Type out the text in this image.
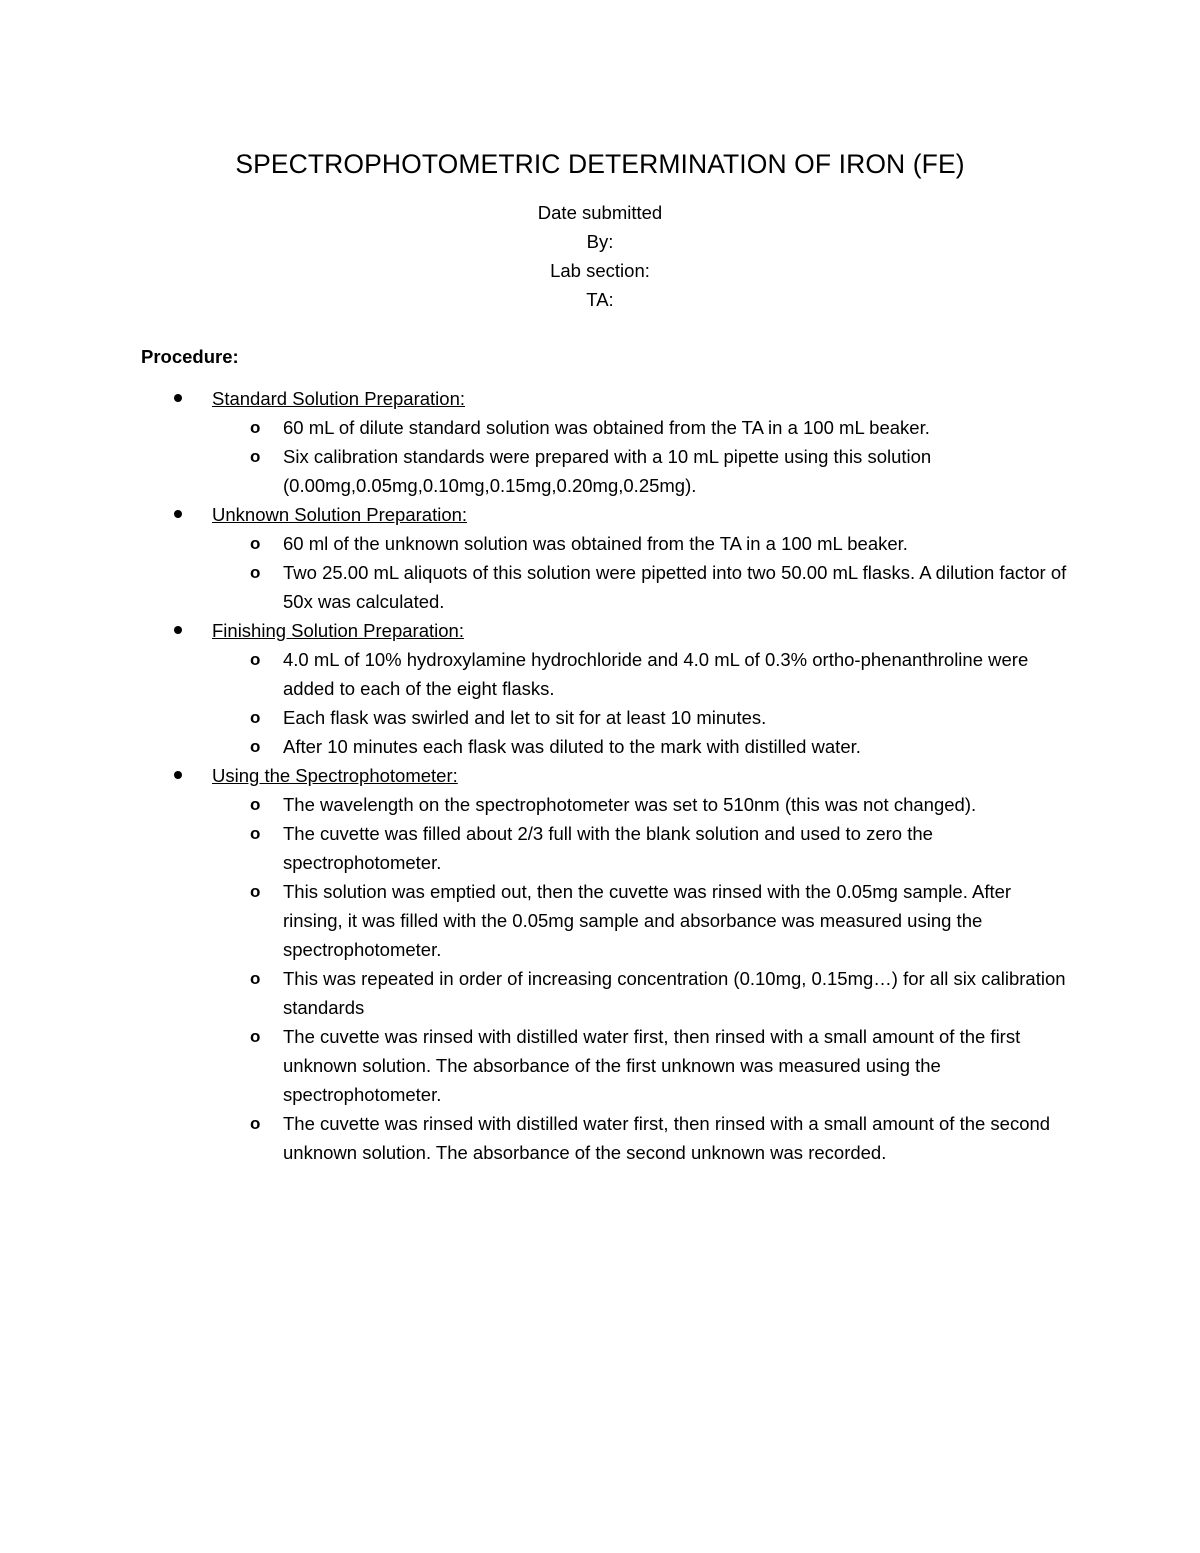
SPECTROPHOTOMETRIC DETERMINATION OF IRON (FE)
Date submitted
By:
Lab section:
TA:
Procedure:
Standard Solution Preparation:
o 60 mL of dilute standard solution was obtained from the TA in a 100 mL beaker.
o Six calibration standards were prepared with a 10 mL pipette using this solution (0.00mg,0.05mg,0.10mg,0.15mg,0.20mg,0.25mg).
Unknown Solution Preparation:
o 60 ml of the unknown solution was obtained from the TA in a 100 mL beaker.
o Two 25.00 mL aliquots of this solution were pipetted into two 50.00 mL flasks. A dilution factor of 50x was calculated.
Finishing Solution Preparation:
o 4.0 mL of 10% hydroxylamine hydrochloride and 4.0 mL of 0.3% ortho-phenanthroline were added to each of the eight flasks.
o Each flask was swirled and let to sit for at least 10 minutes.
o After 10 minutes each flask was diluted to the mark with distilled water.
Using the Spectrophotometer:
o The wavelength on the spectrophotometer was set to 510nm (this was not changed).
o The cuvette was filled about 2/3 full with the blank solution and used to zero the spectrophotometer.
o This solution was emptied out, then the cuvette was rinsed with the 0.05mg sample. After rinsing, it was filled with the 0.05mg sample and absorbance was measured using the spectrophotometer.
o This was repeated in order of increasing concentration (0.10mg, 0.15mg…) for all six calibration standards
o The cuvette was rinsed with distilled water first, then rinsed with a small amount of the first unknown solution. The absorbance of the first unknown was measured using the spectrophotometer.
o The cuvette was rinsed with distilled water first, then rinsed with a small amount of the second unknown solution. The absorbance of the second unknown was recorded.
